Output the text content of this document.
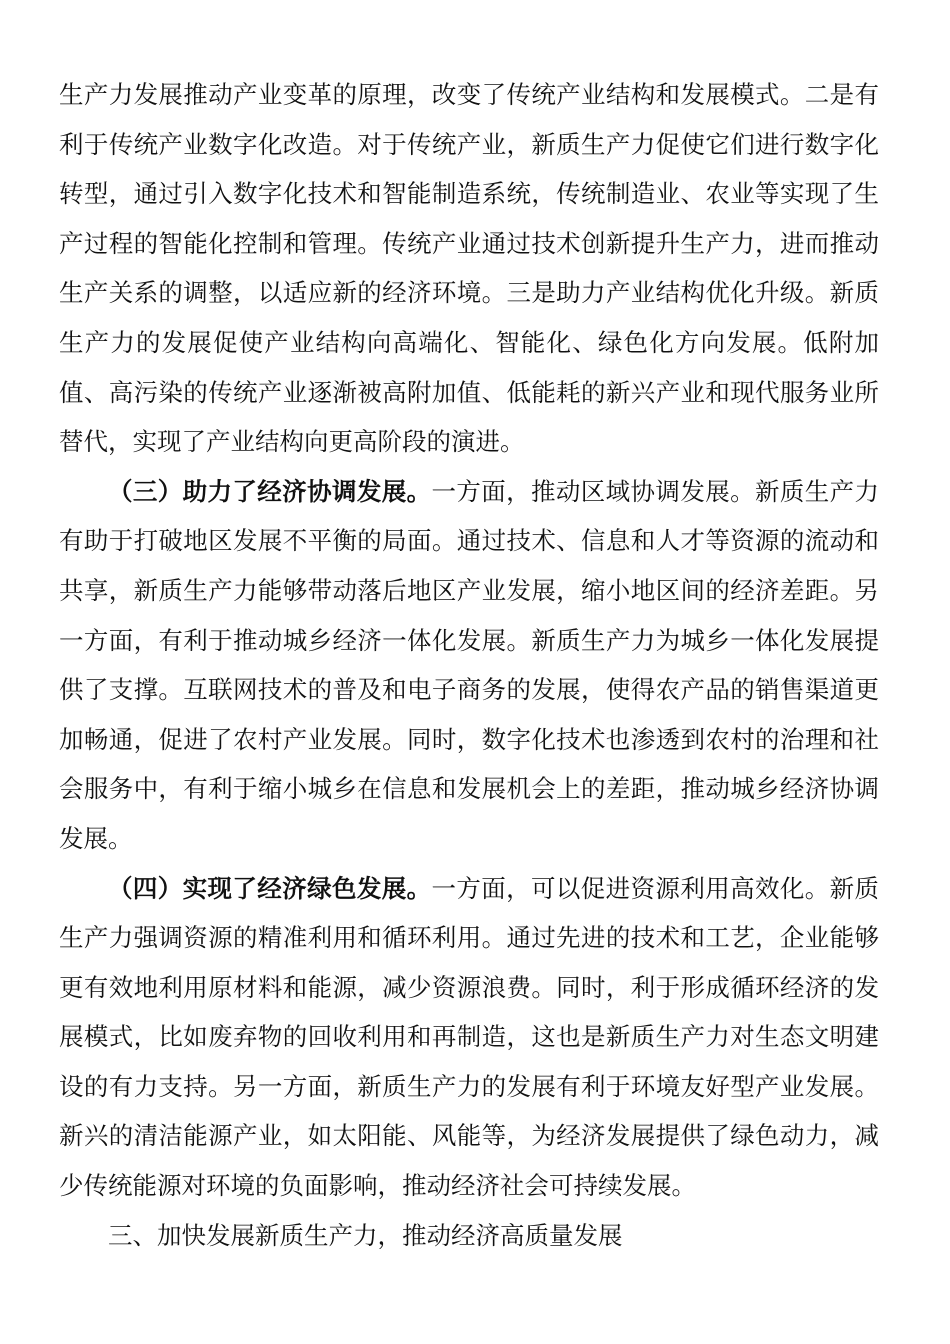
生产力发展推动产业变革的原理，改变了传统产业结构和发展模式。二是有利于传统产业数字化改造。对于传统产业，新质生产力促使它们进行数字化转型，通过引入数字化技术和智能制造系统，传统制造业、农业等实现了生产过程的智能化控制和管理。传统产业通过技术创新提升生产力，进而推动生产关系的调整，以适应新的经济环境。三是助力产业结构优化升级。新质生产力的发展促使产业结构向高端化、智能化、绿色化方向发展。低附加值、高污染的传统产业逐渐被高附加值、低能耗的新兴产业和现代服务业所替代，实现了产业结构向更高阶段的演进。

（三）助力了经济协调发展。一方面，推动区域协调发展。新质生产力有助于打破地区发展不平衡的局面。通过技术、信息和人才等资源的流动和共享，新质生产力能够带动落后地区产业发展，缩小地区间的经济差距。另一方面，有利于推动城乡经济一体化发展。新质生产力为城乡一体化发展提供了支撑。互联网技术的普及和电子商务的发展，使得农产品的销售渠道更加畅通，促进了农村产业发展。同时，数字化技术也渗透到农村的治理和社会服务中，有利于缩小城乡在信息和发展机会上的差距，推动城乡经济协调发展。

（四）实现了经济绿色发展。一方面，可以促进资源利用高效化。新质生产力强调资源的精准利用和循环利用。通过先进的技术和工艺，企业能够更有效地利用原材料和能源，减少资源浪费。同时，利于形成循环经济的发展模式，比如废弃物的回收利用和再制造，这也是新质生产力对生态文明建设的有力支持。另一方面，新质生产力的发展有利于环境友好型产业发展。新兴的清洁能源产业，如太阳能、风能等，为经济发展提供了绿色动力，减少传统能源对环境的负面影响，推动经济社会可持续发展。

三、加快发展新质生产力，推动经济高质量发展
